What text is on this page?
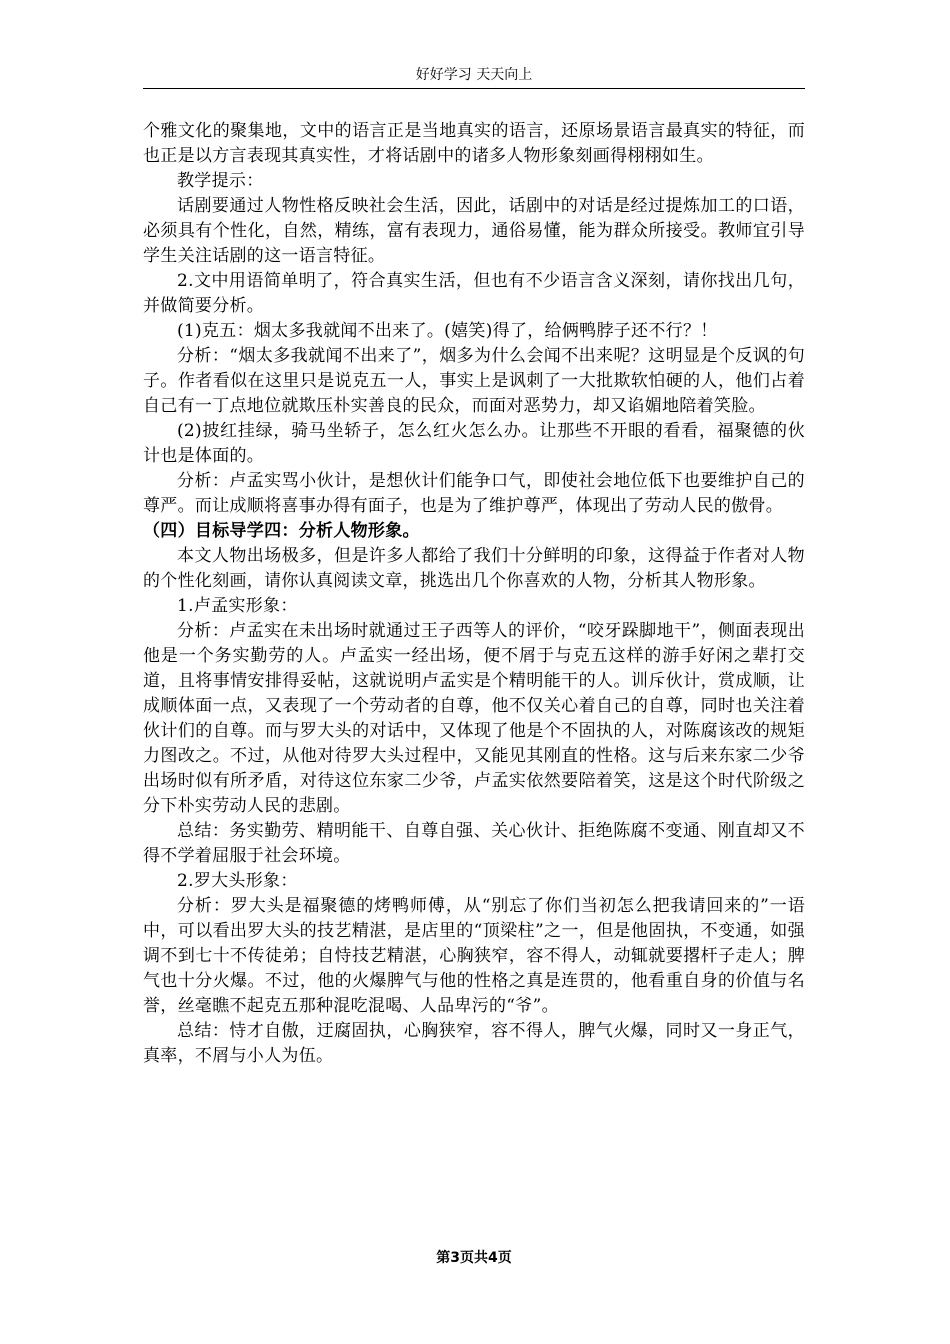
好好学习 天天向上

个雅文化的聚集地，文中的语言正是当地真实的语言，还原场景语言最真实的特征，而也正是以方言表现其真实性，才将话剧中的诸多人物形象刻画得栩栩如生。

教学提示：

话剧要通过人物性格反映社会生活，因此，话剧中的对话是经过提炼加工的口语，必须具有个性化，自然，精练，富有表现力，通俗易懂，能为群众所接受。教师宜引导学生关注话剧的这一语言特征。

2.文中用语简单明了，符合真实生活，但也有不少语言含义深刻，请你找出几句，并做简要分析。

(1)克五：烟太多我就闻不出来了。(嬉笑)得了，给俩鸭脖子还不行？！

分析：“烟太多我就闻不出来了”，烟多为什么会闻不出来呢？这明显是个反讽的句子。作者看似在这里只是说克五一人，事实上是讽刺了一大批欺软怕硬的人，他们占着自己有一丁点地位就欺压朴实善良的民众，而面对恶势力，却又谄媚地陪着笑脸。

(2)披红挂绿，骑马坐轿子，怎么红火怎么办。让那些不开眼的看看，福聚德的伙计也是体面的。

分析：卢孟实骂小伙计，是想伙计们能争口气，即使社会地位低下也要维护自己的尊严。而让成顺将喜事办得有面子，也是为了维护尊严，体现出了劳动人民的傲骨。

（四）目标导学四：分析人物形象。

本文人物出场极多，但是许多人都给了我们十分鲜明的印象，这得益于作者对人物的个性化刻画，请你认真阅读文章，挑选出几个你喜欢的人物，分析其人物形象。

1.卢孟实形象：

分析：卢孟实在未出场时就通过王子西等人的评价，“咬牙跺脚地干”，侧面表现出他是一个务实勤劳的人。卢孟实一经出场，便不屑于与克五这样的游手好闲之辈打交道，且将事情安排得妥帖，这就说明卢孟实是个精明能干的人。训斥伙计，赏成顺，让成顺体面一点，又表现了一个劳动者的自尊，他不仅关心着自己的自尊，同时也关注着伙计们的自尊。而与罗大头的对话中，又体现了他是个不固执的人，对陈腐该改的规矩力图改之。不过，从他对待罗大头过程中，又能见其刚直的性格。这与后来东家二少爷出场时似有所矛盾，对待这位东家二少爷，卢孟实依然要陪着笑，这是这个时代阶级之分下朴实劳动人民的悲剧。

总结：务实勤劳、精明能干、自尊自强、关心伙计、拒绝陈腐不变通、刚直却又不得不学着屈服于社会环境。

2.罗大头形象：

分析：罗大头是福聚德的烤鸭师傅，从“别忘了你们当初怎么把我请回来的”一语中，可以看出罗大头的技艺精湛，是店里的“顶梁柱”之一，但是他固执，不变通，如强调不到七十不传徒弟；自恃技艺精湛，心胸狭窄，容不得人，动辄就要撂杆子走人；脾气也十分火爆。不过，他的火爆脾气与他的性格之真是连贯的，他看重自身的价值与名誉，丝毫瞧不起克五那种混吃混喝、人品卑污的“爷”。

总结：恃才自傲，迂腐固执，心胸狭窄，容不得人，脾气火爆，同时又一身正气，真率，不屑与小人为伍。

第3页共4页
